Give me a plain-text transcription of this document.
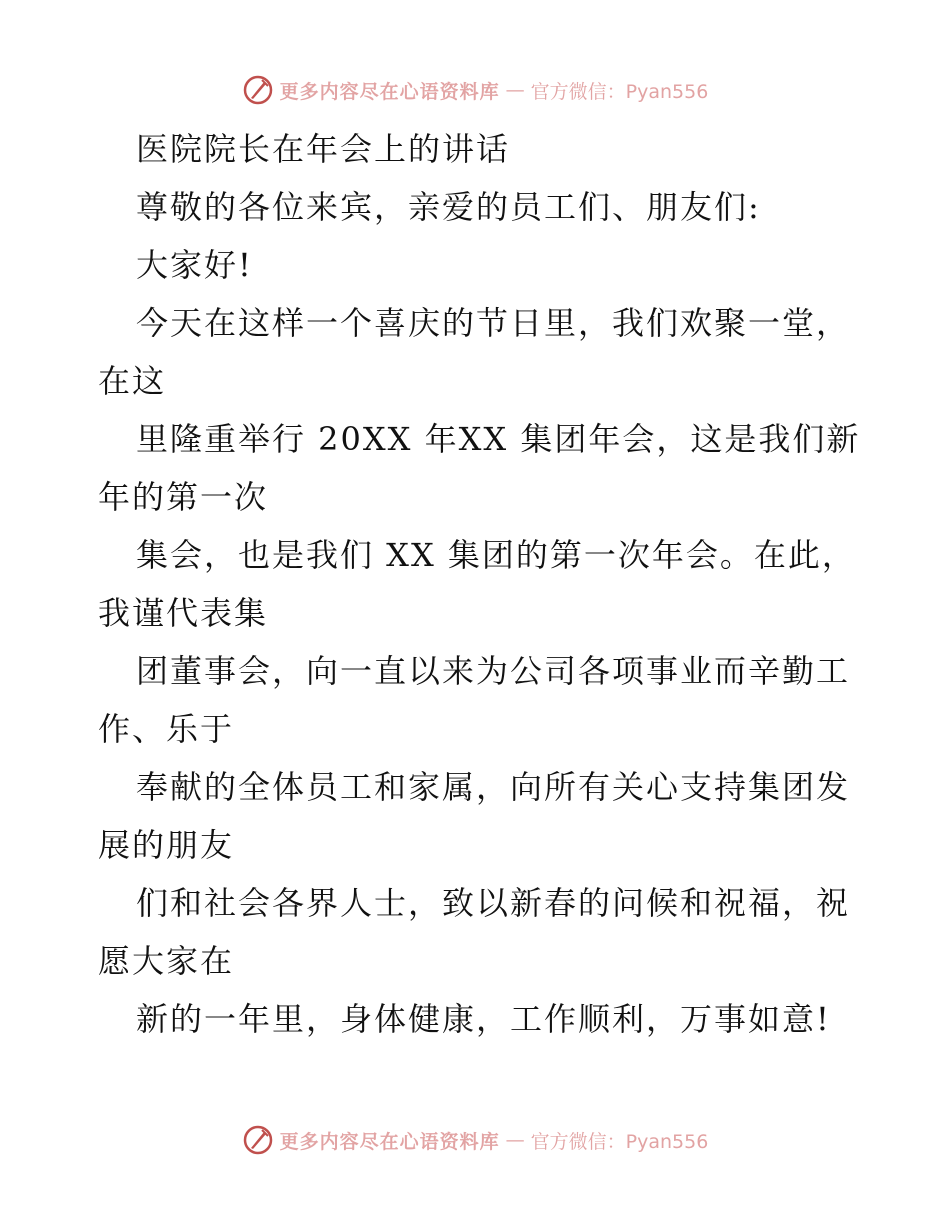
更多内容尽在心语资料库 — 官方微信：Pyan556
医院院长在年会上的讲话
尊敬的各位来宾，亲爱的员工们、朋友们:
大家好!
今天在这样一个喜庆的节日里，我们欢聚一堂，
在这
里隆重举行 20XX 年XX 集团年会，这是我们新
年的第一次
集会，也是我们 XX 集团的第一次年会。在此，
我谨代表集
团董事会，向一直以来为公司各项事业而辛勤工
作、乐于
奉献的全体员工和家属，向所有关心支持集团发
展的朋友
们和社会各界人士，致以新春的问候和祝福，祝
愿大家在
新的一年里，身体健康，工作顺利，万事如意!
更多内容尽在心语资料库 — 官方微信：Pyan556
